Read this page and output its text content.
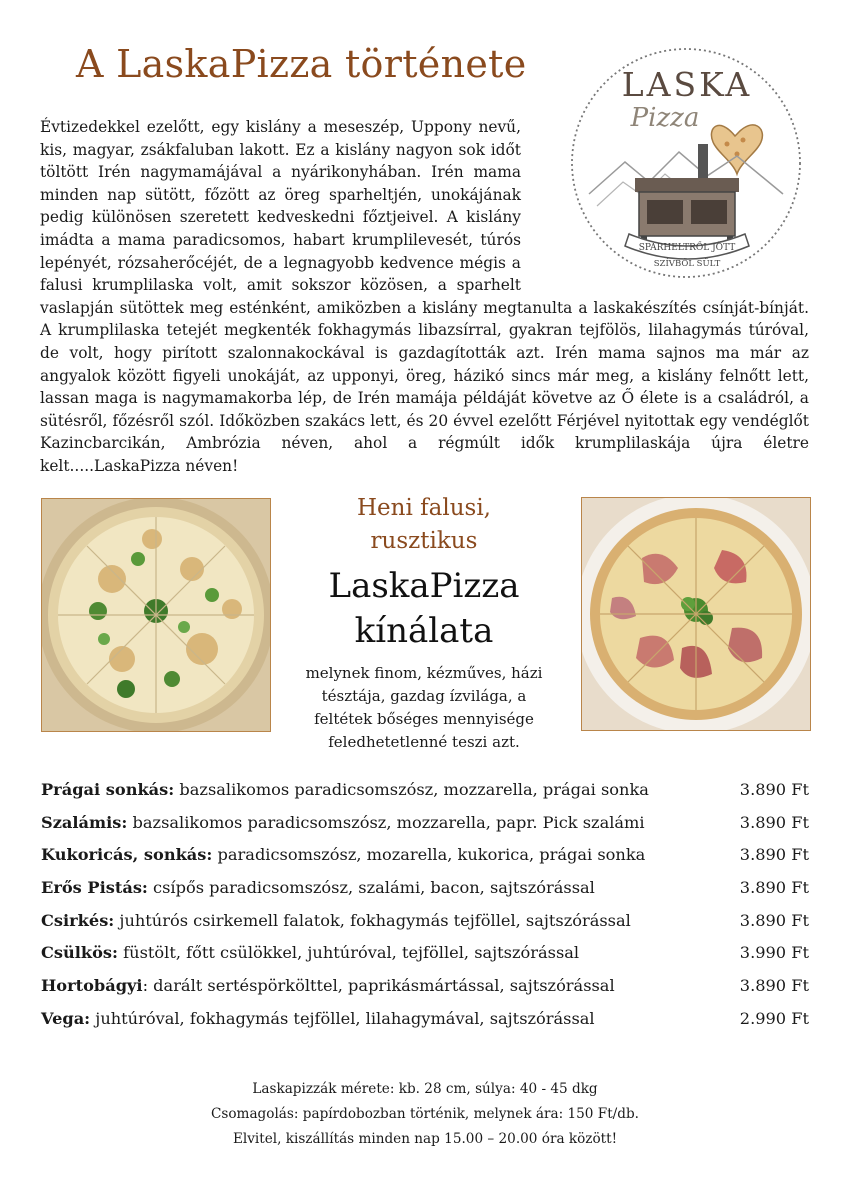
A LaskaPizza története	LASKA
Pizza
SPARHELTRŐL JÖTT
SZÍVBŐL SÜLT

Évtizedekkel ezelőtt, egy kislány a meseszép, Uppony nevű, kis, magyar, zsákfaluban lakott. Ez a kislány nagyon sok időt töltött Irén nagymamájával a nyárikonyhában. Irén mama minden nap sütött, főzött az öreg sparheltjén, unokájának pedig különösen szeretett kedveskedni főztjeivel. A kislány imádta a mama paradicsomos, habart krumplilevesét, túrós lepényét, rózsaherőcéjét, de a legnagyobb kedvence mégis a falusi krumplilaska volt, amit sokszor közösen, a sparhelt vaslapján sütöttek meg esténként, amiközben a kislány megtanulta a laskakészítés csínját-bínját. A krumplilaska tetejét megkenték fokhagymás libazsírral, gyakran tejfölös, lilahagymás túróval, de volt, hogy pirított szalonnakockával is gazdagították azt. Irén mama sajnos ma már az angyalok között figyeli unokáját, az upponyi, öreg, házikó sincs már meg, a kislány felnőtt lett, lassan maga is nagymamakorba lép, de Irén mamája példáját követve az Ő élete is a családról, a sütésről, főzésről szól. Időközben szakács lett, és 20 évvel ezelőtt Férjével nyitottak egy vendéglőt Kazincbarcikán, Ambrózia néven, ahol a régmúlt idők krumplilaskája újra életre kelt.....LaskaPizza néven!

Heni falusi,
rusztikus
LaskaPizza
kínálata
melynek finom, kézműves, házi
tésztája, gazdag ízvilága, a
feltétek bőséges mennyisége
feledhetetlenné teszi azt.
Prágai sonkás: bazsalikomos paradicsomszósz, mozzarella, prágai sonka	3.890 Ft
Szalámis: bazsalikomos paradicsomszósz, mozzarella, papr. Pick szalámi	3.890 Ft
Kukoricás, sonkás: paradicsomszósz, mozarella, kukorica, prágai sonka	3.890 Ft
Erős Pistás: csípős paradicsomszósz, szalámi, bacon, sajtszórással	3.890 Ft
Csirkés: juhtúrós csirkemell falatok, fokhagymás tejföllel, sajtszórással	3.890 Ft
Csülkös: füstölt, főtt csülökkel, juhtúróval, tejföllel, sajtszórással	3.990 Ft
Hortobágyi: darált sertéspörkölttel, paprikásmártással, sajtszórással	3.890 Ft
Vega: juhtúróval, fokhagymás tejföllel, lilahagymával, sajtszórással	2.990 Ft
Laskapizzák mérete: kb. 28 cm, súlya: 40 - 45 dkg
Csomagolás: papírdobozban történik, melynek ára: 150 Ft/db.
Elvitel, kiszállítás minden nap 15.00 – 20.00 óra között!
